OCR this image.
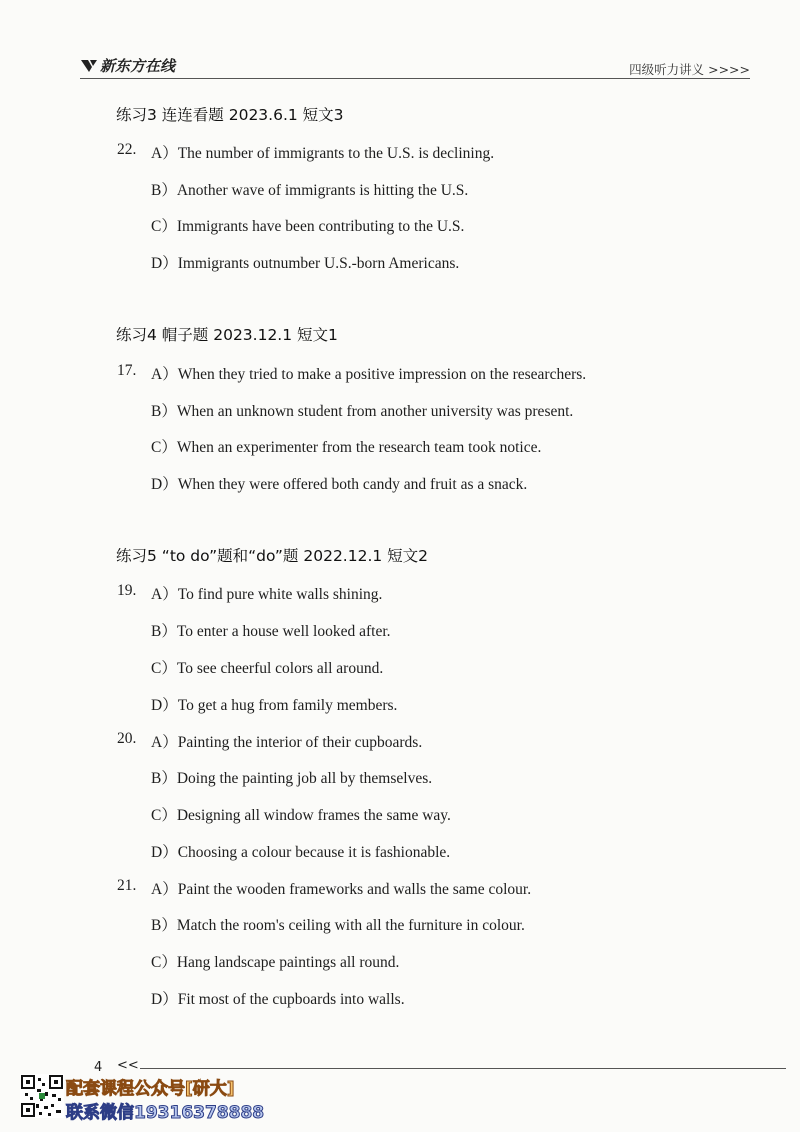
新东方在线	四级听力讲义 >>>>
练习3 连连看题 2023.6.1 短文3
22. A）The number of immigrants to the U.S. is declining.
B）Another wave of immigrants is hitting the U.S.
C）Immigrants have been contributing to the U.S.
D）Immigrants outnumber U.S.-born Americans.
练习4 帽子题 2023.12.1 短文1
17. A）When they tried to make a positive impression on the researchers.
B）When an unknown student from another university was present.
C）When an experimenter from the research team took notice.
D）When they were offered both candy and fruit as a snack.
练习5 “to do”题和“do”题 2022.12.1 短文2
19. A）To find pure white walls shining.
B）To enter a house well looked after.
C）To see cheerful colors all around.
D）To get a hug from family members.
20. A）Painting the interior of their cupboards.
B）Doing the painting job all by themselves.
C）Designing all window frames the same way.
D）Choosing a colour because it is fashionable.
21. A）Paint the wooden frameworks and walls the same colour.
B）Match the room's ceiling with all the furniture in colour.
C）Hang landscape paintings all round.
D）Fit most of the cupboards into walls.
4 <<
配套课程公众号[研大]
联系微信19316378888
